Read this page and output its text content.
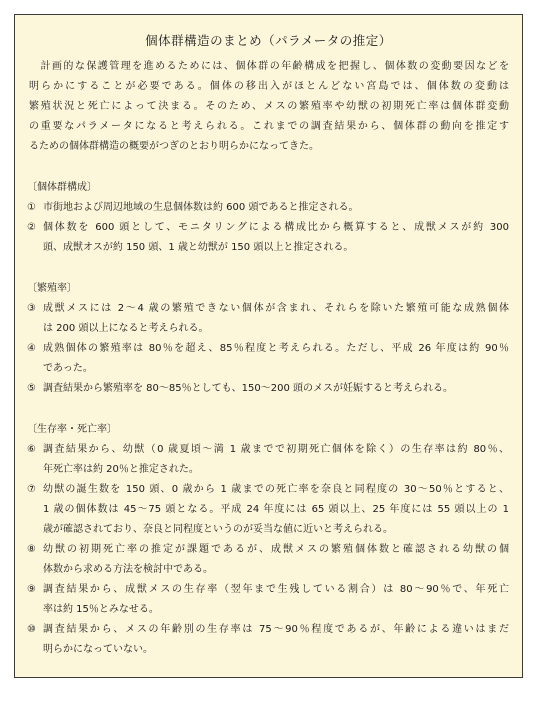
個体群構造のまとめ（パラメータの推定）
　計画的な保護管理を進めるためには、個体群の年齢構成を把握し、個体数の変動要因などを
明らかにすることが必要である。個体の移出入がほとんどない宮島では、個体数の変動は
繁殖状況と死亡によって決まる。そのため、メスの繁殖率や幼獣の初期死亡率は個体群変動
の重要なパラメータになると考えられる。これまでの調査結果から、個体群の動向を推定す
るための個体群構造の概要がつぎのとおり明らかになってきた。
〔個体群構成〕
① 市街地および周辺地域の生息個体数は約 600 頭であると推定される。
② 個体数を 600 頭として、モニタリングによる構成比から概算すると、成獣メスが約 300
頭、成獣オスが約 150 頭、1 歳と幼獣が 150 頭以上と推定される。
〔繁殖率〕
③ 成獣メスには 2～4 歳の繁殖できない個体が含まれ、それらを除いた繁殖可能な成熟個体
は 200 頭以上になると考えられる。
④ 成熟個体の繁殖率は 80％を超え、85％程度と考えられる。ただし、平成 26 年度は約 90％
であった。
⑤ 調査結果から繁殖率を 80～85％としても、150～200 頭のメスが妊娠すると考えられる。
〔生存率・死亡率〕
⑥ 調査結果から、幼獣（0 歳夏頃～満 1 歳までで初期死亡個体を除く）の生存率は約 80％、
年死亡率は約 20％と推定された。
⑦ 幼獣の誕生数を 150 頭、0 歳から 1 歳までの死亡率を奈良と同程度の 30～50％とすると、
1 歳の個体数は 45～75 頭となる。平成 24 年度には 65 頭以上、25 年度には 55 頭以上の 1
歳が確認されており、奈良と同程度というのが妥当な値に近いと考えられる。
⑧ 幼獣の初期死亡率の推定が課題であるが、成獣メスの繁殖個体数と確認される幼獣の個
体数から求める方法を検討中である。
⑨ 調査結果から、成獣メスの生存率（翌年まで生残している割合）は 80～90％で、年死亡
率は約 15％とみなせる。
⑩ 調査結果から、メスの年齢別の生存率は 75～90％程度であるが、年齢による違いはまだ
明らかになっていない。
